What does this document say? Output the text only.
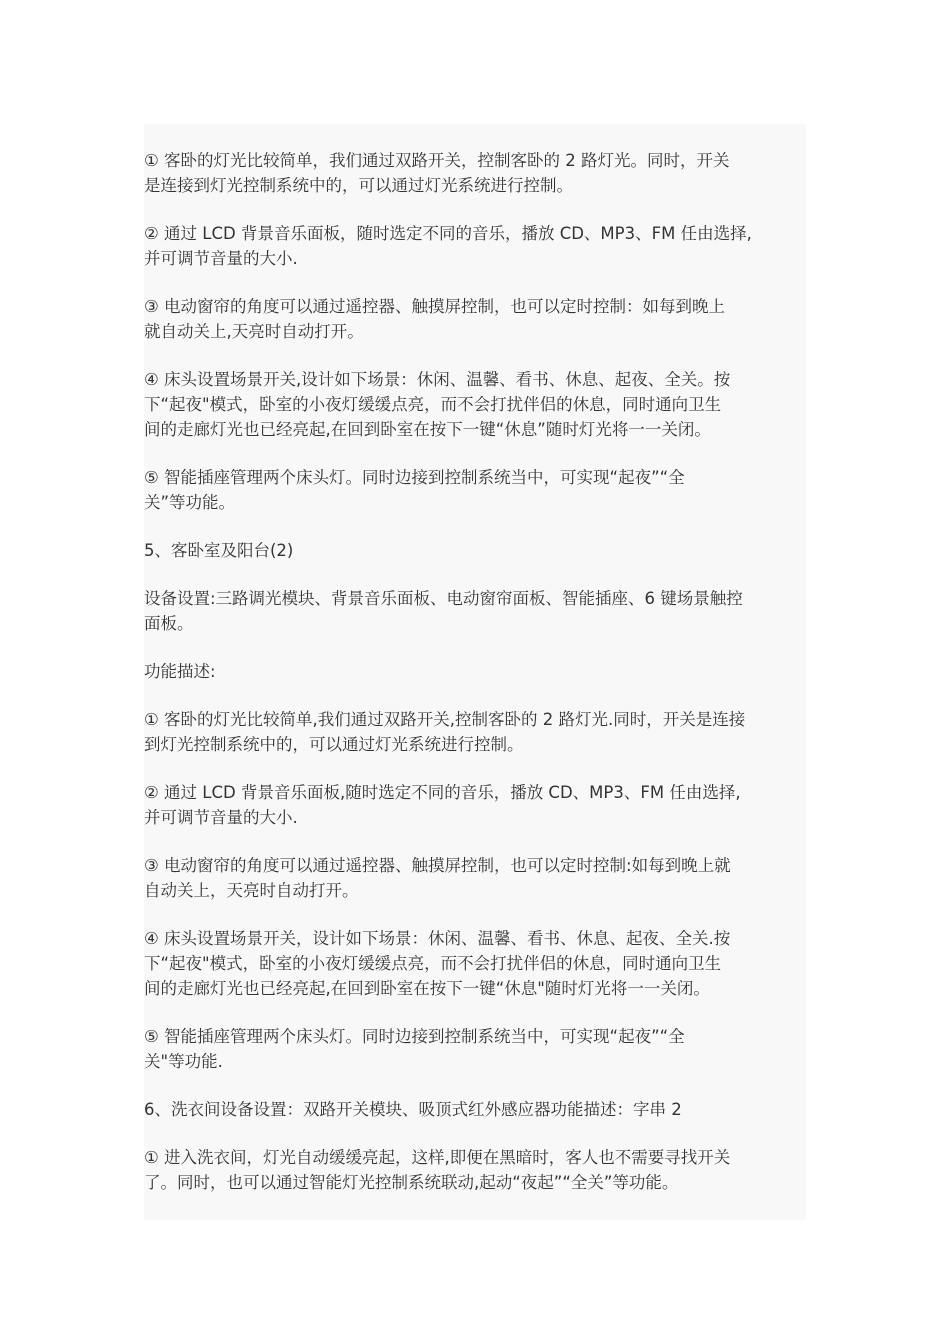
① 客卧的灯光比较简单，我们通过双路开关，控制客卧的 2 路灯光。同时，开关
是连接到灯光控制系统中的，可以通过灯光系统进行控制。

② 通过 LCD 背景音乐面板，随时选定不同的音乐，播放 CD、MP3、FM 任由选择,
并可调节音量的大小.

③ 电动窗帘的角度可以通过遥控器、触摸屏控制，也可以定时控制：如每到晚上
就自动关上,天亮时自动打开。

④ 床头设置场景开关,设计如下场景：休闲、温馨、看书、休息、起夜、全关。按
下“起夜"模式，卧室的小夜灯缓缓点亮，而不会打扰伴侣的休息，同时通向卫生
间的走廊灯光也已经亮起,在回到卧室在按下一键“休息”随时灯光将一一关闭。

⑤ 智能插座管理两个床头灯。同时边接到控制系统当中，可实现“起夜”“全
关”等功能。

5、客卧室及阳台(2)

设备设置:三路调光模块、背景音乐面板、电动窗帘面板、智能插座、6 键场景触控
面板。

功能描述:

① 客卧的灯光比较简单,我们通过双路开关,控制客卧的 2 路灯光.同时，开关是连接
到灯光控制系统中的，可以通过灯光系统进行控制。

② 通过 LCD 背景音乐面板,随时选定不同的音乐，播放 CD、MP3、FM 任由选择,
并可调节音量的大小.

③ 电动窗帘的角度可以通过遥控器、触摸屏控制，也可以定时控制:如每到晚上就
自动关上，天亮时自动打开。

④ 床头设置场景开关，设计如下场景：休闲、温馨、看书、休息、起夜、全关.按
下“起夜"模式，卧室的小夜灯缓缓点亮，而不会打扰伴侣的休息，同时通向卫生
间的走廊灯光也已经亮起,在回到卧室在按下一键“休息"随时灯光将一一关闭。

⑤ 智能插座管理两个床头灯。同时边接到控制系统当中，可实现“起夜”“全
关"等功能.

6、洗衣间设备设置：双路开关模块、吸顶式红外感应器功能描述：字串 2

① 进入洗衣间，灯光自动缓缓亮起，这样,即便在黑暗时，客人也不需要寻找开关
了。同时，也可以通过智能灯光控制系统联动,起动“夜起”“全关”等功能。
